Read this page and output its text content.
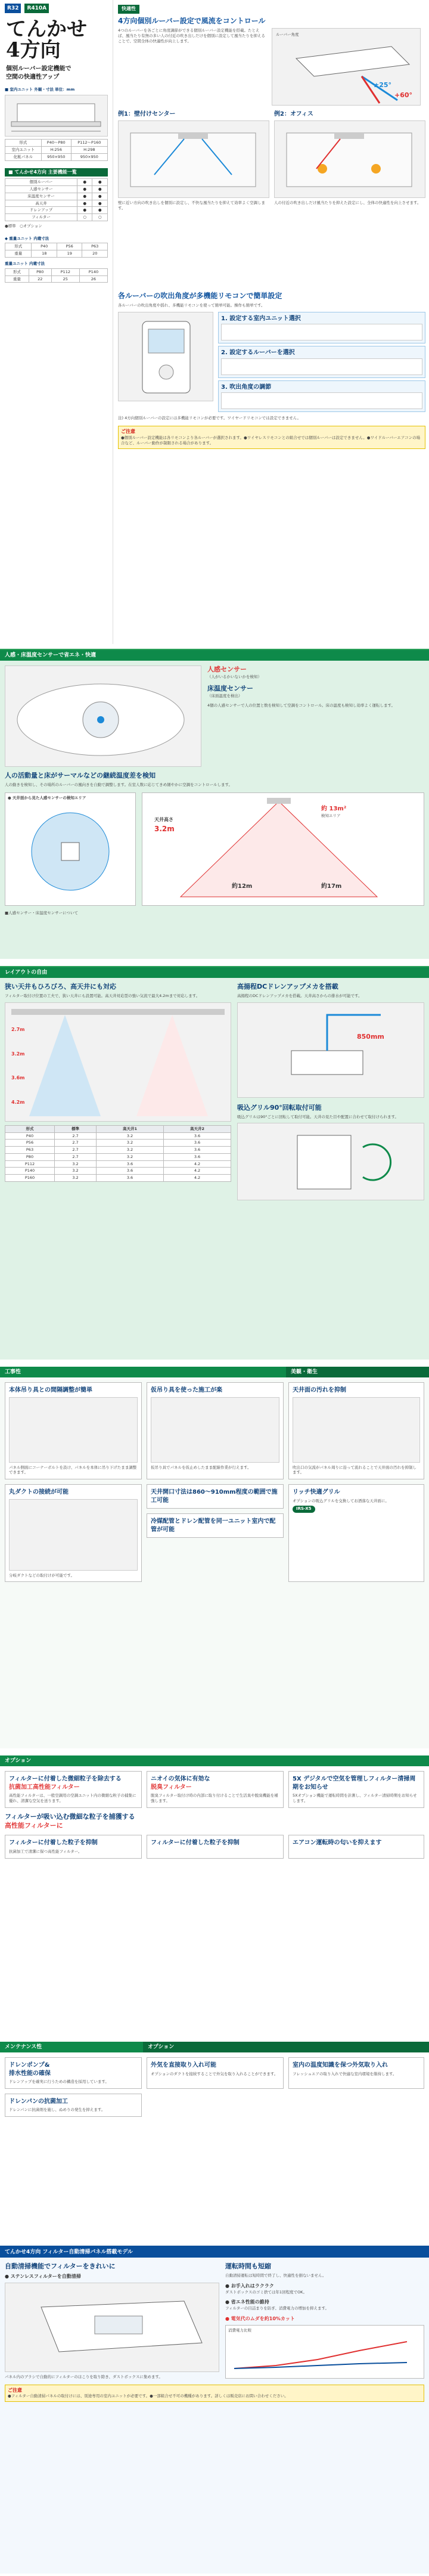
R32	R410A
てんかせ
4方向
個別ルーバー設定機能で
空間の快適性アップ
■ 室内ユニット 外観・寸法 単位：mm
形式	P40〜P80	P112〜P160
室内ユニット	H:256	H:298
化粧パネル	950×950	950×950
■ てんかせ4方向 主要機能一覧
個別ルーバー	●	●
人感センサー	●	●
床温度センサー	●	●
高天井	●	●
ドレンアップ	●	●
フィルター	○	○
●標準　○オプション
◆ 重量ユニット 内蔵寸法
形式	P40	P56	P63
重量	18	19	20
重量ユニット 内蔵寸法
形式	P80	P112	P140
重量	22	25	26
快適性
4方向個別ルーバー設定で風流をコントロール
4つのルーバーを各ごとに角度調節ができる個別ルーバー設定機能を搭載。たとえば、風当たり有無の多い人の付近の吹き出しだけを個別に設定して風当たりを抑えることで、空間全体の快適性が向上します。
ルーバー角度
±25°
+60°
例1：壁付けセンター
壁に近い方向の吹き出しを個別に設定し、不快な風当たりを抑えて効率よく空調します。
例2：オフィス
人の付近の吹き出しだけ風当たりを抑えた設定にし、全体の快適性を向上させます。
各ルーバーの吹出角度が多機能リモコンで簡単設定
各ルーバーの吹出角度や揺れ、多機能リモコンを使って簡単可能。操作も簡単です。
1. 設定する室内ユニット選択
2. 設定するルーバーを選択
3. 吹出角度の調節
注) 4方向個別ルーバーの設定には多機能リモコンが必要です。ワイヤードリモコンでは設定できません。
ご注意
●個別ルーバー設定機能は各リモコンより各ルーバーが選択されます。●ワイヤレスリモコンとの組合せでは個別ルーバーは設定できません。●ワイドルーバーエアコンの場合など、ルーバー動作が制限される場合があります。
人感・床温度センサーで省エネ・快適
人感センサー
（人がいるかいないかを検知）
床温度センサー
（床面温度を検出）
4個の人感センサーで人の位置と数を検知して空調をコントロール。床の温度も検知し効率よく運転します。
人の活動量と床がサーマルなどの継続温度差を検知
人の動きを検知し、その場所のルーバーの風向きを自動で調整します。在室人数に応じてきめ細やかに空調をコントロールします。
● 天井面から見た人感センサーの検知エリア
天井高さ
3.2m
約12m	約17m
約 13m²
検知エリア
■人感センサー・床温度センサーについて
レイアウトの自由
狭い天井もひろびろ、高天井にも対応
フィルター取付け位置の工夫で、狭い天井にも設置可能。高天井対応型の強い気流で最大4.2mまで対応します。
2.7m
3.2m
3.6m
4.2m
形式	標準	高天井1	高天井2
P40	2.7	3.2	3.6
P56	2.7	3.2	3.6
P63	2.7	3.2	3.6
P80	2.7	3.2	3.6
P112	3.2	3.6	4.2
P140	3.2	3.6	4.2
P160	3.2	3.6	4.2
高揚程DCドレンアップメカを搭載
高揚程のDCドレンアップメカを搭載。天井高さからの排水が可能です。
850mm
吸込グリル90°回転取付可能
吸込グリルは90°ごとに回転して取付可能。天井の見た目や配置に合わせて取付けられます。
工事性	美観・衛生
本体吊り具との間隔調整が簡単
パネル側面にコーナーボルトを設け、パネルを本体に吊り下げたまま調整できます。
仮吊り具を使った施工が楽
仮吊り具でパネルを仮止めしたまま配線作業が行えます。
天井面の汚れを抑制
吹出口の気流がパネル周りに沿って流れることで天井面の汚れを抑制します。
丸ダクトの接続が可能
分岐ダクトなどの取付けが可能です。
天井開口寸法は860〜910mm程度の範囲で施工可能
冷媒配管とドレン配管を同一ユニット室内で配管が可能
リッチ快適グリル
オプションの吸込グリルを交換してお洒落な天井面に。
IRS-X5
オプション
フィルターに付着した微細粒子を除去する
抗菌加工高性能フィルター
高性能フィルターは、一般空調用の空調ユニット内の微細な粒子の捕集に優れ、清潔な空気を送ります。
ニオイの気体に有効な
脱臭フィルター
脱臭フィルター取付け時の内部に取り付けることで生活臭や脱臭機能を補強します。
5X デジタルで空気を管理しフィルター清掃周期をお知らせ
5Xオプション機能で運転時間を計測し、フィルター清掃時期をお知らせします。
フィルターが吸い込む微細な粒子を捕獲する
高性能フィルターに
フィルターに付着した粒子を抑制
抗菌加工で清潔に保つ高性能フィルター。
フィルターに付着した粒子を抑制	エアコン運転時の匂いを抑えます
メンテナンス性	オプション
ドレンポンプ&
排水性能の確保
ドレンアップを確実に行うための構造を採用しています。
外気を直接取り入れ可能
オプションのダクトを接続することで外気を取り入れることができます。
室内の温度知識を保つ外気取り入れ
フレッシュエアの取り入れで快適な室内環境を維持します。
ドレンパンの抗菌加工
ドレンパンに抗菌剤を施し、ぬめりの発生を抑えます。
てんかせ4方向 フィルター自動清掃パネル搭載モデル
自動清掃機能でフィルターをきれいに
● ステンレスフィルターを自動清掃
パネル内のブラシで自動的にフィルターのほこりを取り除き、ダストボックスに集めます。
運転時間も短縮
自動清掃運転は短時間で終了し、快適性を損ないません。
● お手入れはラクラク
ダストボックスのゴミ捨ては年1回程度でOK。
● 省エネ性能の維持
フィルターの目詰まりを防ぎ、消費電力の増加を抑えます。
● 電気代のムダを約10%カット
消費電力比較
ご注意
●フィルター自動清掃パネルの取付けには、別途専用の室内ユニットが必要です。●一部組合せ不可の機種があります。詳しくは販売店にお問い合わせください。
